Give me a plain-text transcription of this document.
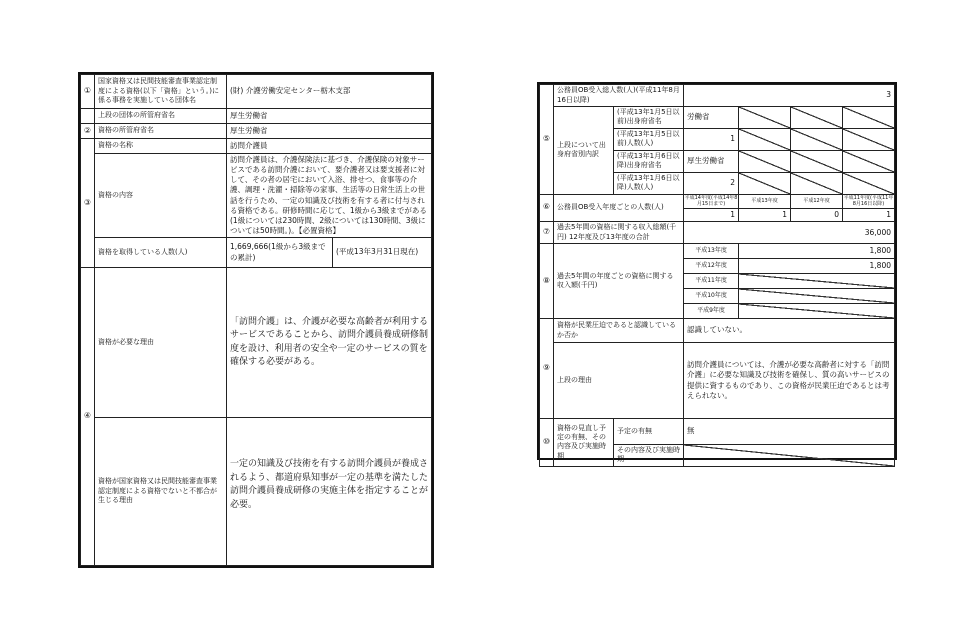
①	国家資格又は民間技能審査事業認定制度による資格(以下「資格」という。)に係る事務を実施している団体名	(財) 介護労働安定センター栃木支部	
	上段の団体の所管府省名	厚生労働省	
②	資格の所管府省名	厚生労働省	
③	資格の名称	訪問介護員	
	資格の内容	訪問介護員は、介護保険法に基づき、介護保険の対象サービスである訪問介護において、要介護者又は要支援者に対して、その者の居宅において入浴、排せつ、食事等の介護、調理・洗濯・掃除等の家事、生活等の日常生活上の世話を行うため、一定の知識及び技術を有する者に付与される資格である。研修時間に応じて、1級から3級までがある(1級については230時間、2級については130時間、3級については50時間。)。【必置資格】	
	資格を取得している人数(人)	1,669,666(1級から3級までの累計)	(平成13年3月31日現在)
④	資格が必要な理由	「訪問介護」は、介護が必要な高齢者が利用するサービスであることから、訪問介護員養成研修制度を設け、利用者の安全や一定のサービスの質を確保する必要がある。	
	資格が国家資格又は民間技能審査事業認定制度による資格でないと不都合が生じる理由	一定の知識及び技術を有する訪問介護員が養成されるよう、都道府県知事が一定の基準を満たした訪問介護員養成研修の実施主体を指定することが必要。	
⑤	公務員OB受入総人数(人)(平成11年8月16日以降)		3			
	上段について出身府省別内訳	(平成13年1月5日以前)出身府省名	労働省			
		(平成13年1月5日以前)人数(人)	1			
		(平成13年1月6日以降)出身府省名	厚生労働省			
		(平成13年1月6日以降)人数(人)	2			
⑥	公務員OB受入年度ごとの人数(人)		平成14年度(平成14年8月15日まで)	平成13年度	平成12年度	平成11年度(平成11年8月16日以降)
			1	1	0	1
⑦	過去5年間の資格に関する収入総額(千円) 12年度及び13年度の合計		36,000			
⑧	過去5年間の年度ごとの資格に関する収入額(千円)		平成13年度	1,800		
			平成12年度	1,800		
			平成11年度			
			平成10年度			
			平成9年度			
⑨	資格が民業圧迫であると認識しているか否か		認識していない。			
	上段の理由		訪問介護員については、介護が必要な高齢者に対する「訪問介護」に必要な知識及び技術を確保し、質の高いサービスの提供に資するものであり、この資格が民業圧迫であるとは考えられない。			
⑩	資格の見直し予定の有無、その内容及び実施時期	予定の有無	無			
		その内容及び実施時期				
